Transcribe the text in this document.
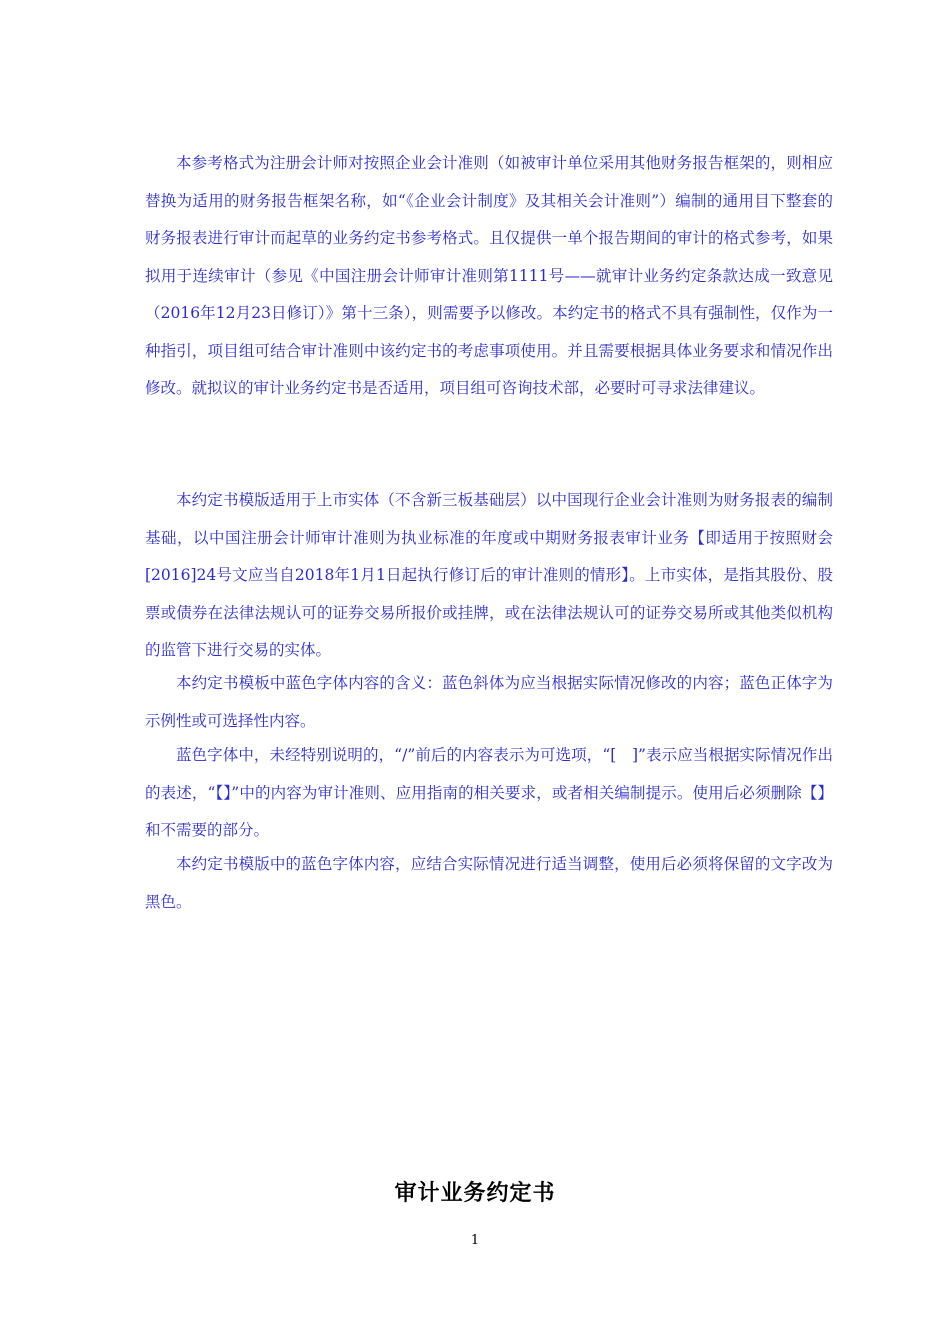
本参考格式为注册会计师对按照企业会计准则（如被审计单位采用其他财务报告框架的，则相应替换为适用的财务报告框架名称，如“《企业会计制度》及其相关会计准则”）编制的通用目下整套的财务报表进行审计而起草的业务约定书参考格式。且仅提供一单个报告期间的审计的格式参考，如果拟用于连续审计（参见《中国注册会计师审计准则第1111号——就审计业务约定条款达成一致意见（2016年12月23日修订）》第十三条），则需要予以修改。本约定书的格式不具有强制性，仅作为一种指引，项目组可结合审计准则中该约定书的考虑事项使用。并且需要根据具体业务要求和情况作出修改。就拟议的审计业务约定书是否适用，项目组可咨询技术部，必要时可寻求法律建议。

本约定书模版适用于上市实体（不含新三板基础层）以中国现行企业会计准则为财务报表的编制基础，以中国注册会计师审计准则为执业标准的年度或中期财务报表审计业务【即适用于按照财会[2016]24号文应当自2018年1月1日起执行修订后的审计准则的情形】。上市实体，是指其股份、股票或债券在法律法规认可的证券交易所报价或挂牌，或在法律法规认可的证券交易所或其他类似机构的监管下进行交易的实体。

本约定书模板中蓝色字体内容的含义：蓝色斜体为应当根据实际情况修改的内容；蓝色正体字为示例性或可选择性内容。

蓝色字体中，未经特别说明的，“/”前后的内容表示为可选项，“[　]”表示应当根据实际情况作出的表述，“【】”中的内容为审计准则、应用指南的相关要求，或者相关编制提示。使用后必须删除【】和不需要的部分。

本约定书模版中的蓝色字体内容，应结合实际情况进行适当调整，使用后必须将保留的文字改为黑色。

审计业务约定书
1
